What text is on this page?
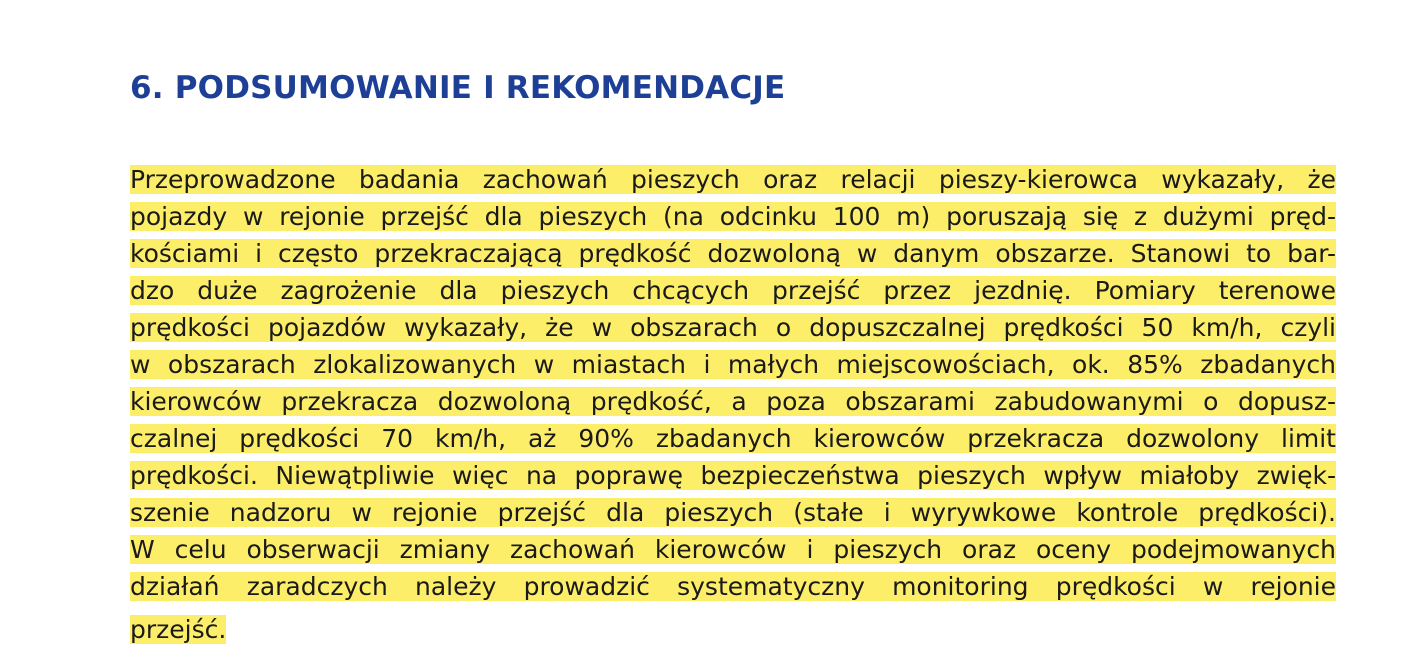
6. PODSUMOWANIE I REKOMENDACJE
Przeprowadzone badania zachowań pieszych oraz relacji pieszy-kierowca wykazały, że
pojazdy w rejonie przejść dla pieszych (na odcinku 100 m) poruszają się z dużymi pręd-
kościami i często przekraczającą prędkość dozwoloną w danym obszarze. Stanowi to bar-
dzo duże zagrożenie dla pieszych chcących przejść przez jezdnię. Pomiary terenowe
prędkości pojazdów wykazały, że w obszarach o dopuszczalnej prędkości 50 km/h, czyli
w obszarach zlokalizowanych w miastach i małych miejscowościach, ok. 85% zbadanych
kierowców przekracza dozwoloną prędkość, a poza obszarami zabudowanymi o dopusz-
czalnej prędkości 70 km/h, aż 90% zbadanych kierowców przekracza dozwolony limit
prędkości. Niewątpliwie więc na poprawę bezpieczeństwa pieszych wpływ miałoby zwięk-
szenie nadzoru w rejonie przejść dla pieszych (stałe i wyrywkowe kontrole prędkości).
W celu obserwacji zmiany zachowań kierowców i pieszych oraz oceny podejmowanych
działań zaradczych należy prowadzić systematyczny monitoring prędkości w rejonie
przejść.
